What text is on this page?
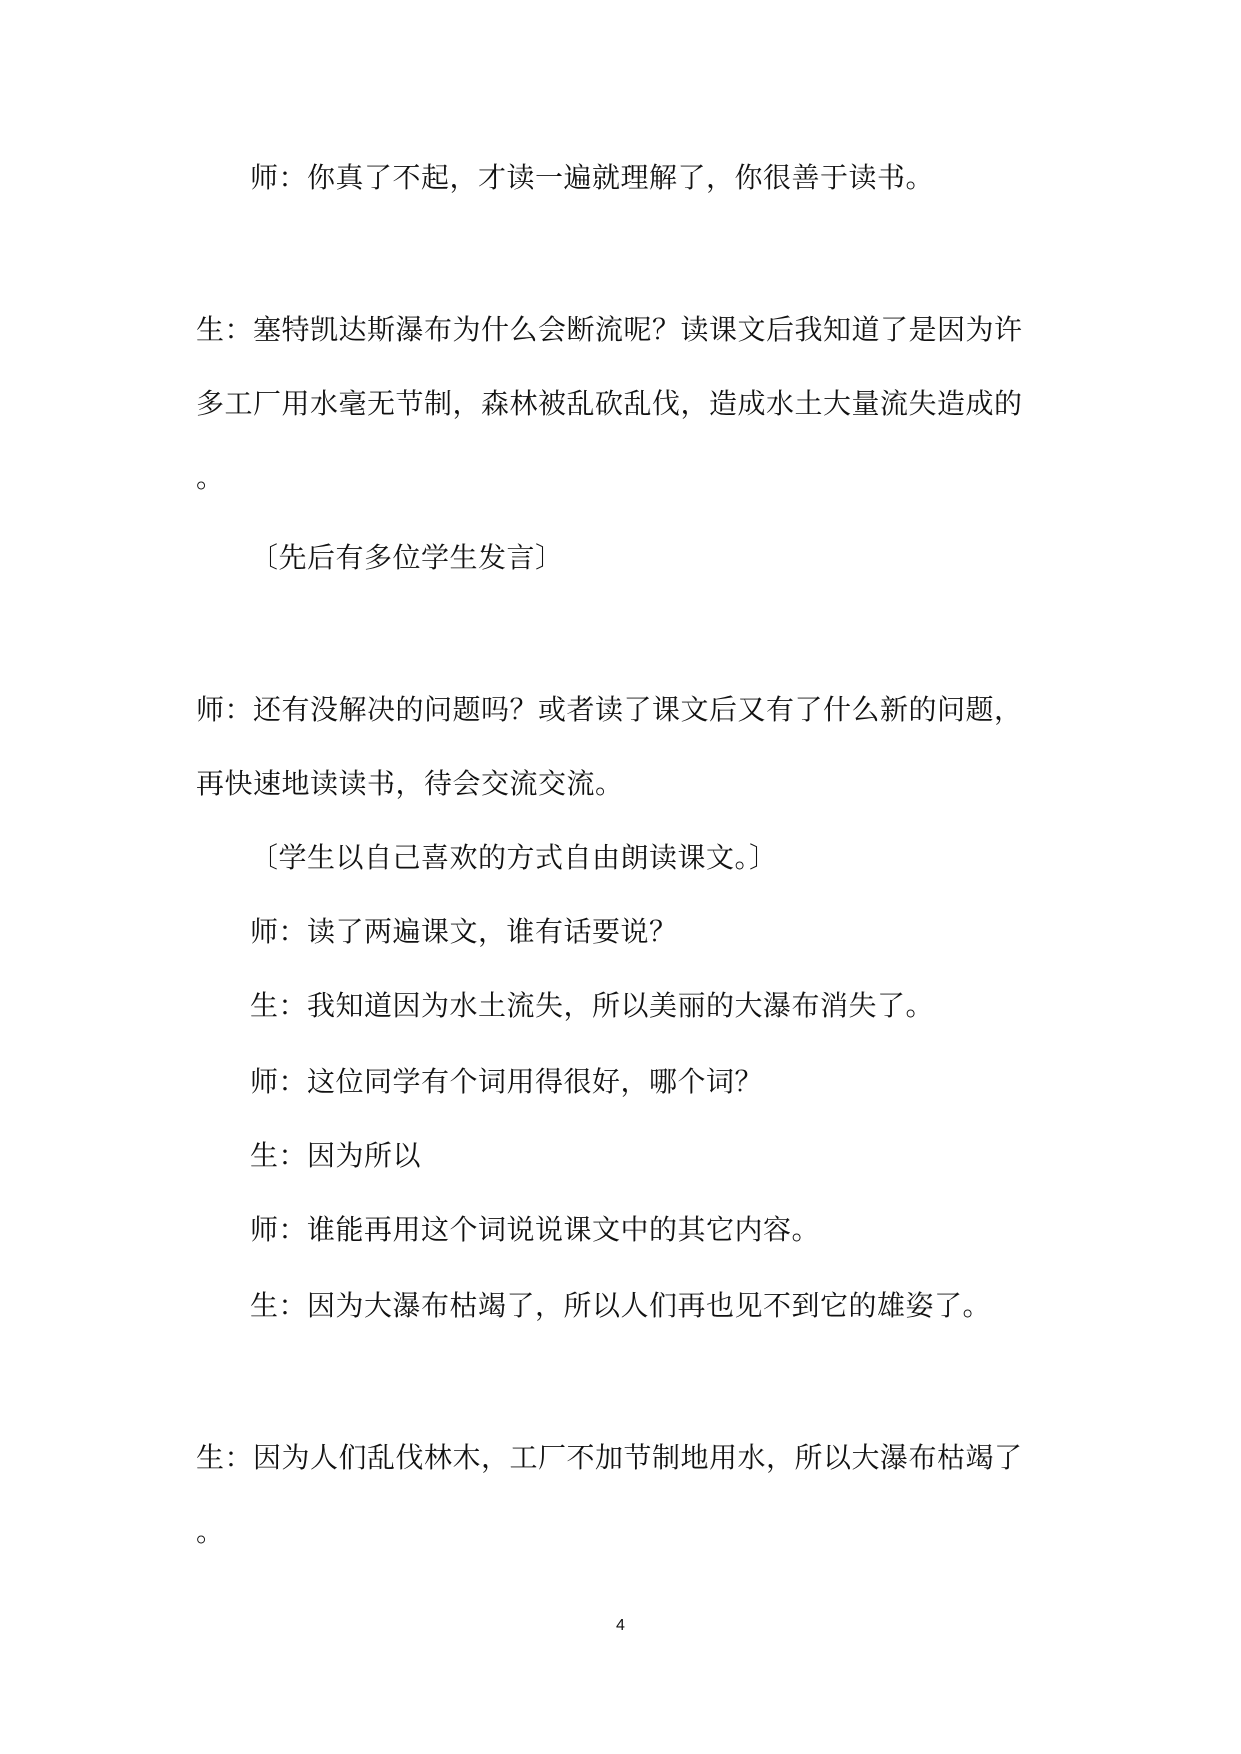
师：你真了不起，才读一遍就理解了，你很善于读书。
生：塞特凯达斯瀑布为什么会断流呢？读课文后我知道了是因为许
多工厂用水毫无节制，森林被乱砍乱伐，造成水土大量流失造成的
。
〔先后有多位学生发言〕
师：还有没解决的问题吗？或者读了课文后又有了什么新的问题，
再快速地读读书，待会交流交流。
〔学生以自己喜欢的方式自由朗读课文。〕
师：读了两遍课文，谁有话要说？
生：我知道因为水土流失，所以美丽的大瀑布消失了。
师：这位同学有个词用得很好，哪个词？
生：因为所以
师：谁能再用这个词说说课文中的其它内容。
生：因为大瀑布枯竭了，所以人们再也见不到它的雄姿了。
生：因为人们乱伐林木，工厂不加节制地用水，所以大瀑布枯竭了
。
4
